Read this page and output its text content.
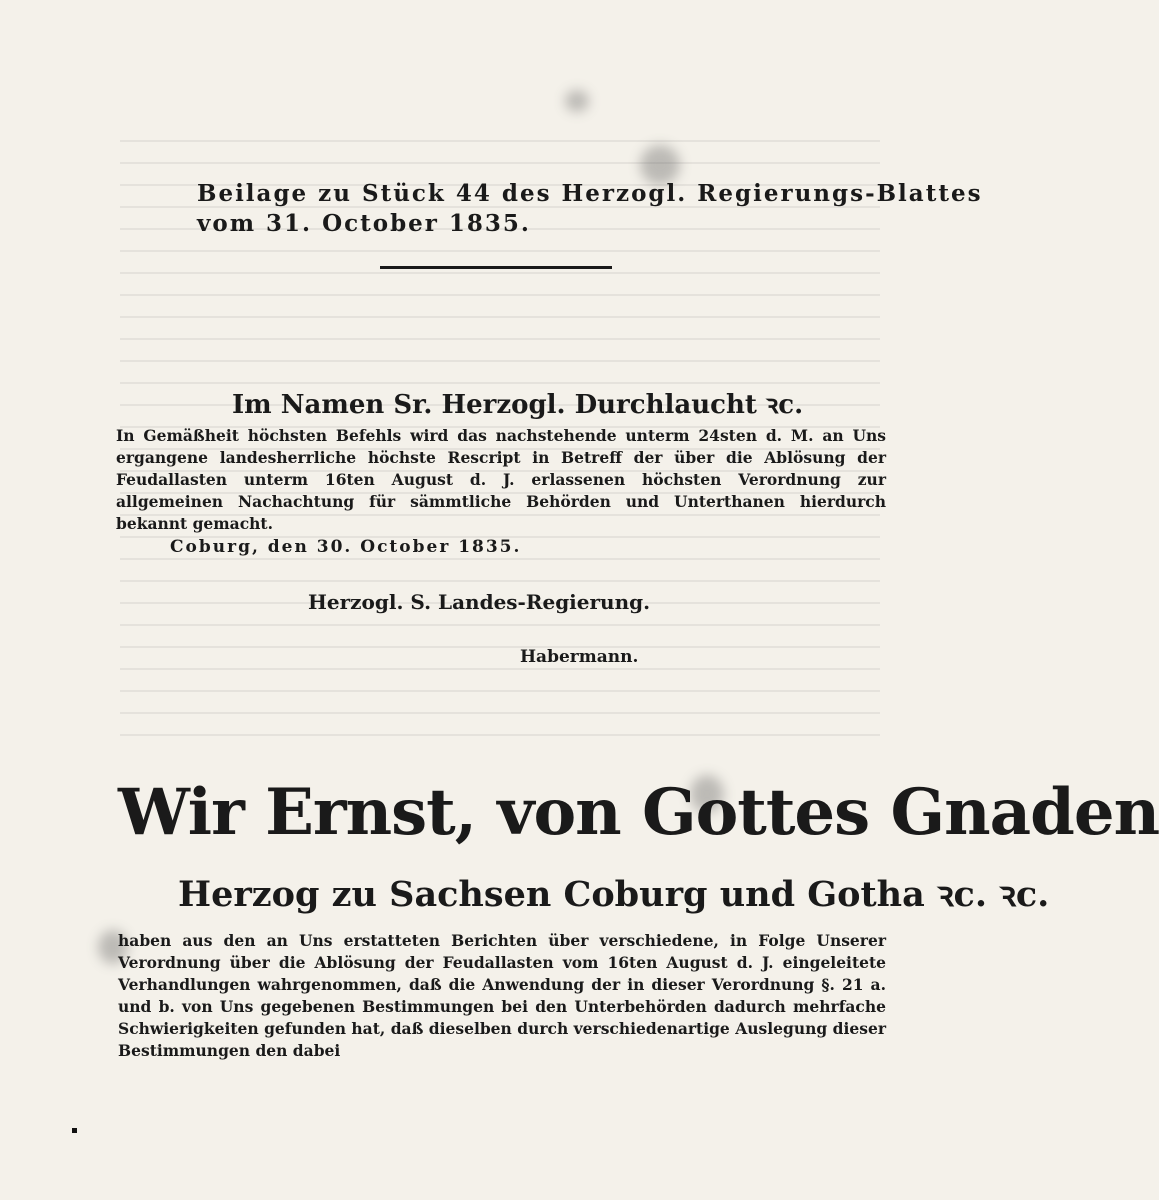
Beilage zu Stück 44 des Herzogl. Regierungs-Blattes

vom 31. October 1835.

Im Namen Sr. Herzogl. Durchlaucht ꝛc.

In Gemäßheit höchsten Befehls wird das nachstehende unterm 24sten d. M. an Uns ergangene landesherrliche höchste Rescript in Betreff der über die Ablösung der Feudallasten unterm 16ten August d. J. erlassenen höchsten Verordnung zur allgemeinen Nachachtung für sämmtliche Behörden und Unterthanen hierdurch bekannt gemacht.

Coburg, den 30. October 1835.

Herzogl. S. Landes-Regierung.

Habermann.

Wir Ernst, von Gottes Gnaden

Herzog zu Sachsen Coburg und Gotha ꝛc. ꝛc.

haben aus den an Uns erstatteten Berichten über verschiedene, in Folge Unserer Verordnung über die Ablösung der Feudallasten vom 16ten August d. J. eingeleitete Verhandlungen wahrgenommen, daß die Anwendung der in dieser Verordnung §. 21 a. und b. von Uns gegebenen Bestimmungen bei den Unterbehörden dadurch mehrfache Schwierigkeiten gefunden hat, daß dieselben durch verschiedenartige Auslegung dieser Bestimmungen den dabei
